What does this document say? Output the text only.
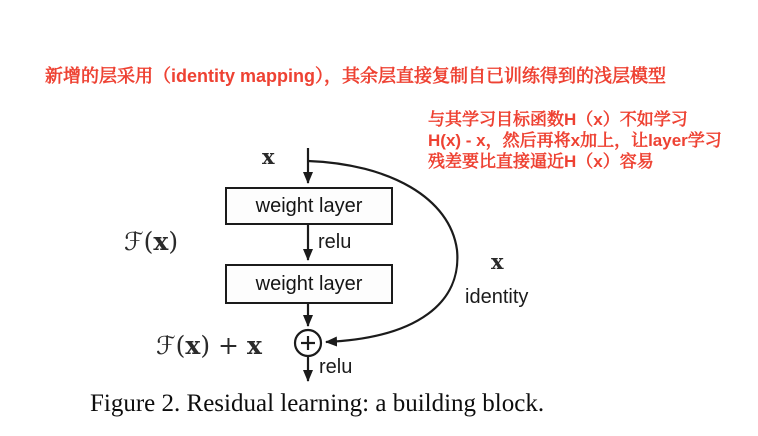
新增的层采用（identity mapping），其余层直接复制自已训练得到的浅层模型
与其学习目标函数H（x）不如学习
H(x) - x，然后再将x加上，让layer学习
残差要比直接逼近H（x）容易
weight layer
weight layer
x
relu
ℱ(x)
ℱ(x) + x
x
identity
relu
Figure 2. Residual learning: a building block.
